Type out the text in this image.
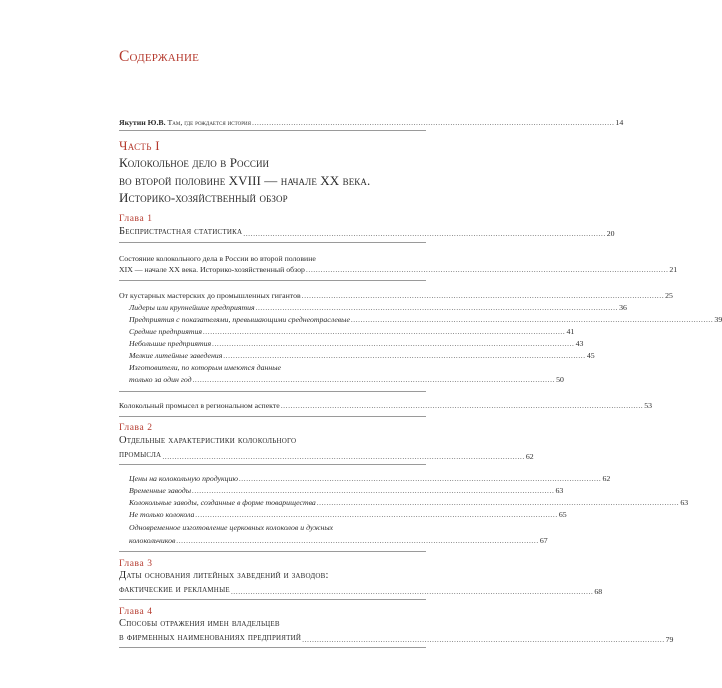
Содержание
Якутин Ю.В. Там, где рождается история .................................................................................................................................................... 14
Часть I
Колокольное дело в России
во второй половине XVIII — начале XX века.
Историко-хозяйственный обзор
Глава 1
Беспристрастная статистика .................................................................................................................................................... 20
Состояние колокольного дела в России во второй половине
XIX — начале XX века. Историко-хозяйственный обзор .................................................................................................................................................... 21
От кустарных мастерских до промышленных гигантов .................................................................................................................................................... 25
Лидеры или крупнейшие предприятия .................................................................................................................................................... 36
Предприятия с показателями, превышающими среднеотраслевые .................................................................................................................................................... 39
Средние предприятия .................................................................................................................................................... 41
Небольшие предприятия .................................................................................................................................................... 43
Мелкие литейные заведения .................................................................................................................................................... 45
Изготовители, по которым имеются данные
только за один год .................................................................................................................................................... 50
Колокольный промысел в региональном аспекте .................................................................................................................................................... 53
Глава 2
Отдельные характеристики колокольного
промысла .................................................................................................................................................... 62
Цены на колокольную продукцию .................................................................................................................................................... 62
Временные заводы .................................................................................................................................................... 63
Колокольные заводы, созданные в форме товарищества .................................................................................................................................................... 63
Не только колокола .................................................................................................................................................... 65
Одновременное изготовление церковных колоколов и дужных
колокольчиков .................................................................................................................................................... 67
Глава 3
Даты основания литейных заведений и заводов:
фактические и рекламные .................................................................................................................................................... 68
Глава 4
Способы отражения имен владельцев
в фирменных наименованиях предприятий .................................................................................................................................................... 79
